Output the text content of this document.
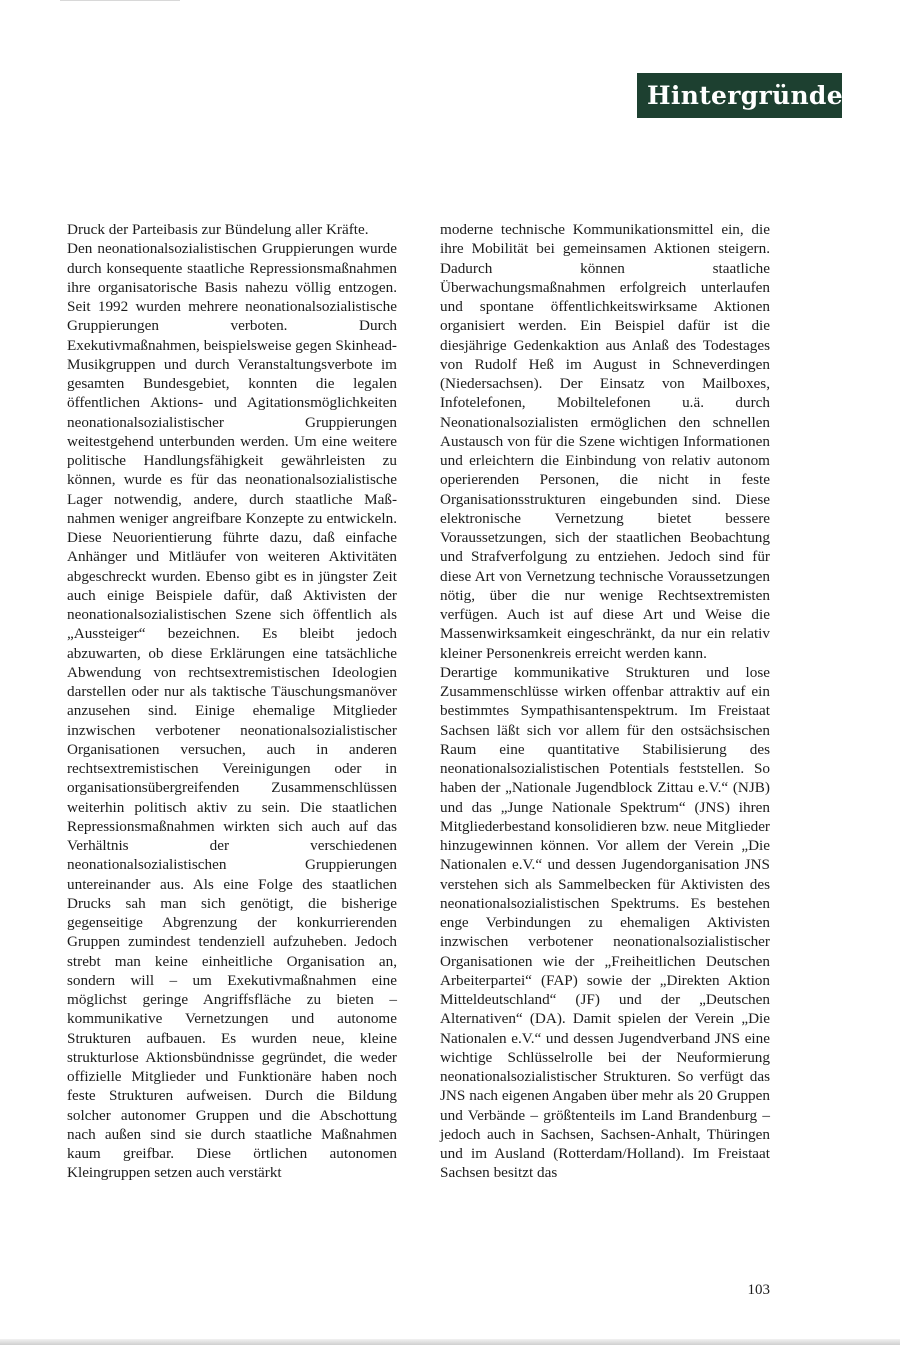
Hintergründe

Druck der Parteibasis zur Bündelung aller Kräfte.

Den neonationalsozialistischen Gruppierungen wurde durch konsequente staatliche Repressionsmaßnahmen ihre organisatorische Basis nahezu völlig entzogen. Seit 1992 wurden mehrere neonationalsozialistische Gruppierungen verboten. Durch Exekutivmaßnahmen, beispielsweise gegen Skinhead-Musikgruppen und durch Veranstaltungsverbote im gesamten Bundesgebiet, konnten die legalen öffentlichen Aktions- und Agitationsmöglichkeiten neonationalsozialistischer Gruppierungen weitestgehend unterbunden werden. Um eine weitere politische Handlungsfähigkeit gewährleisten zu können, wurde es für das neonationalsozialistische Lager notwendig, andere, durch staatliche Maßnahmen weniger angreifbare Konzepte zu entwickeln. Diese Neuorientierung führte dazu, daß einfache Anhänger und Mitläufer von weiteren Aktivitäten abgeschreckt wurden. Ebenso gibt es in jüngster Zeit auch einige Beispiele dafür, daß Aktivisten der neonationalsozialistischen Szene sich öffentlich als „Aussteiger“ bezeichnen. Es bleibt jedoch abzuwarten, ob diese Erklärungen eine tatsächliche Abwendung von rechtsextremistischen Ideologien darstellen oder nur als taktische Täuschungsmanöver anzusehen sind. Einige ehemalige Mitglieder inzwischen verbotener neonationalsozialistischer Organisationen versuchen, auch in anderen rechtsextremistischen Vereinigungen oder in organisationsübergreifenden Zusammenschlüssen weiterhin politisch aktiv zu sein. Die staatlichen Repressionsmaßnahmen wirkten sich auch auf das Verhältnis der verschiedenen neonationalsozialistischen Gruppierungen untereinander aus. Als eine Folge des staatlichen Drucks sah man sich genötigt, die bisherige gegenseitige Abgrenzung der konkurrierenden Gruppen zumindest tendenziell aufzuheben. Jedoch strebt man keine einheitliche Organisation an, sondern will – um Exekutivmaßnahmen eine möglichst geringe Angriffsfläche zu bieten – kommunikative Vernetzungen und autonome Strukturen aufbauen. Es wurden neue, kleine strukturlose Aktionsbündnisse gegründet, die weder offizielle Mitglieder und Funktionäre haben noch feste Strukturen aufweisen. Durch die Bildung solcher autonomer Gruppen und die Abschottung nach außen sind sie durch staatliche Maßnahmen kaum greifbar. Diese örtlichen autonomen Kleingruppen setzen auch verstärkt

moderne technische Kommunikationsmittel ein, die ihre Mobilität bei gemeinsamen Aktionen steigern. Dadurch können staatliche Überwachungsmaßnahmen erfolgreich unterlaufen und spontane öffentlichkeitswirksame Aktionen organisiert werden. Ein Beispiel dafür ist die diesjährige Gedenkaktion aus Anlaß des Todestages von Rudolf Heß im August in Schneverdingen (Niedersachsen). Der Einsatz von Mailboxes, Infotelefonen, Mobiltelefonen u.ä. durch Neonationalsozialisten ermöglichen den schnellen Austausch von für die Szene wichtigen Informationen und erleichtern die Einbindung von relativ autonom operierenden Personen, die nicht in feste Organisationsstrukturen eingebunden sind. Diese elektronische Vernetzung bietet bessere Voraussetzungen, sich der staatlichen Beobachtung und Strafverfolgung zu entziehen. Jedoch sind für diese Art von Vernetzung technische Voraussetzungen nötig, über die nur wenige Rechtsextremisten verfügen. Auch ist auf diese Art und Weise die Massenwirksamkeit eingeschränkt, da nur ein relativ kleiner Personenkreis erreicht werden kann.

Derartige kommunikative Strukturen und lose Zusammenschlüsse wirken offenbar attraktiv auf ein bestimmtes Sympathisantenspektrum. Im Freistaat Sachsen läßt sich vor allem für den ostsächsischen Raum eine quantitative Stabilisierung des neonationalsozialistischen Potentials feststellen. So haben der „Nationale Jugendblock Zittau e.V.“ (NJB) und das „Junge Nationale Spektrum“ (JNS) ihren Mitgliederbestand konsolidieren bzw. neue Mitglieder hinzugewinnen können. Vor allem der Verein „Die Nationalen e.V.“ und dessen Jugendorganisation JNS verstehen sich als Sammelbecken für Aktivisten des neonationalsozialistischen Spektrums. Es bestehen enge Verbindungen zu ehemaligen Aktivisten inzwischen verbotener neonationalsozialistischer Organisationen wie der „Freiheitlichen Deutschen Arbeiterpartei“ (FAP) sowie der „Direkten Aktion Mitteldeutschland“ (JF) und der „Deutschen Alternativen“ (DA). Damit spielen der Verein „Die Nationalen e.V.“ und dessen Jugendverband JNS eine wichtige Schlüsselrolle bei der Neuformierung neonationalsozialistischer Strukturen. So verfügt das JNS nach eigenen Angaben über mehr als 20 Gruppen und Verbände – größtenteils im Land Brandenburg – jedoch auch in Sachsen, Sachsen-Anhalt, Thüringen und im Ausland (Rotterdam/Holland). Im Freistaat Sachsen besitzt das

103
